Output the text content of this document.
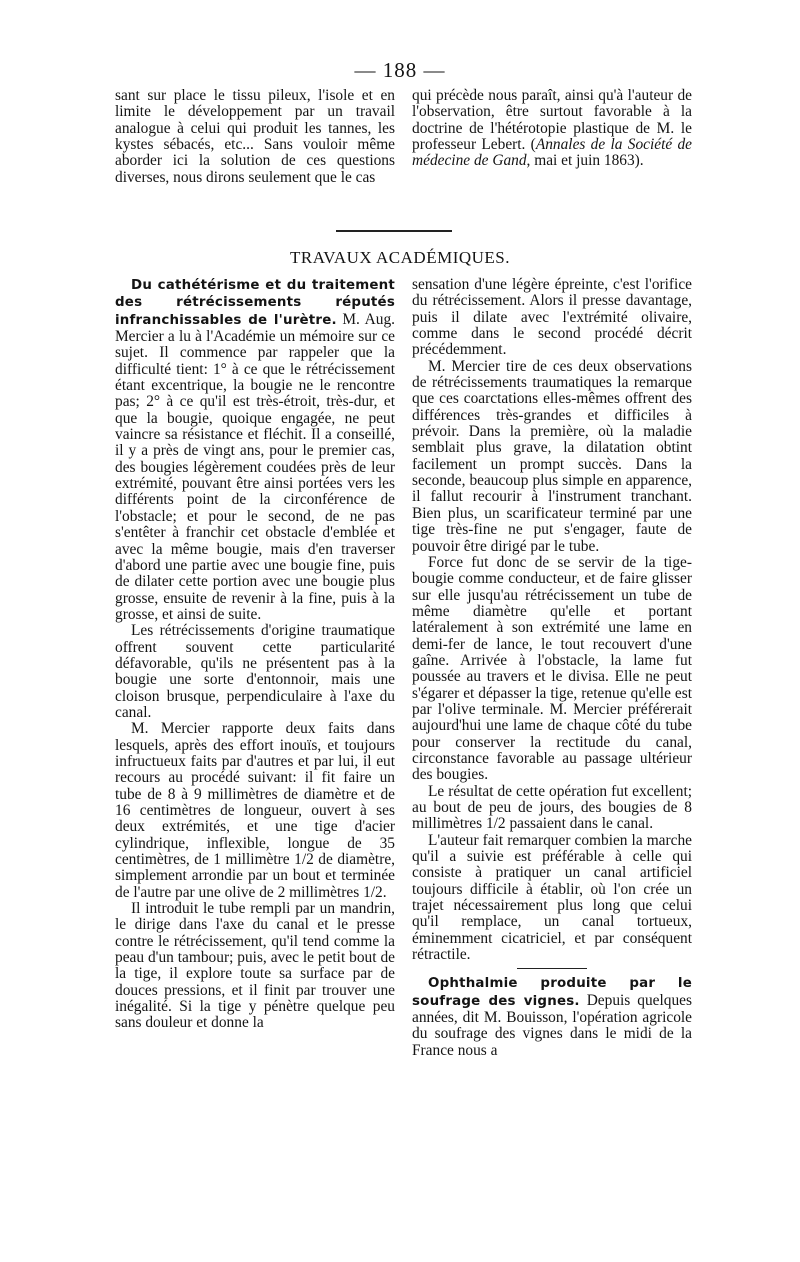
— 188 —

sant sur place le tissu pileux, l'isole et en limite le développement par un travail analogue à celui qui produit les tannes, les kystes sébacés, etc... Sans vouloir même aborder ici la solution de ces questions diverses, nous dirons seulement que le cas

qui précède nous paraît, ainsi qu'à l'auteur de l'observation, être surtout favorable à la doctrine de l'hétérotopie plastique de M. le professeur Lebert. (Annales de la Société de médecine de Gand, mai et juin 1863).

TRAVAUX ACADÉMIQUES.

Du cathétérisme et du traitement des rétrécissements réputés infranchissables de l'urètre. M. Aug. Mercier a lu à l'Académie un mémoire sur ce sujet. Il commence par rappeler que la difficulté tient: 1° à ce que le rétrécissement étant excentrique, la bougie ne le rencontre pas; 2° à ce qu'il est très-étroit, très-dur, et que la bougie, quoique engagée, ne peut vaincre sa résistance et fléchit. Il a conseillé, il y a près de vingt ans, pour le premier cas, des bougies légèrement coudées près de leur extrémité, pouvant être ainsi portées vers les différents point de la circonférence de l'obstacle; et pour le second, de ne pas s'entêter à franchir cet obstacle d'emblée et avec la même bougie, mais d'en traverser d'abord une partie avec une bougie fine, puis de dilater cette portion avec une bougie plus grosse, ensuite de revenir à la fine, puis à la grosse, et ainsi de suite.

Les rétrécissements d'origine traumatique offrent souvent cette particularité défavorable, qu'ils ne présentent pas à la bougie une sorte d'entonnoir, mais une cloison brusque, perpendiculaire à l'axe du canal.

M. Mercier rapporte deux faits dans lesquels, après des effort inouïs, et toujours infructueux faits par d'autres et par lui, il eut recours au procédé suivant: il fit faire un tube de 8 à 9 millimètres de diamètre et de 16 centimètres de longueur, ouvert à ses deux extrémités, et une tige d'acier cylindrique, inflexible, longue de 35 centimètres, de 1 millimètre 1/2 de diamètre, simplement arrondie par un bout et terminée de l'autre par une olive de 2 millimètres 1/2.

Il introduit le tube rempli par un mandrin, le dirige dans l'axe du canal et le presse contre le rétrécissement, qu'il tend comme la peau d'un tambour; puis, avec le petit bout de la tige, il explore toute sa surface par de douces pressions, et il finit par trouver une inégalité. Si la tige y pénètre quelque peu sans douleur et donne la

sensation d'une légère épreinte, c'est l'orifice du rétrécissement. Alors il presse davantage, puis il dilate avec l'extrémité olivaire, comme dans le second procédé décrit précédemment.

M. Mercier tire de ces deux observations de rétrécissements traumatiques la remarque que ces coarctations elles-mêmes offrent des différences très-grandes et difficiles à prévoir. Dans la première, où la maladie semblait plus grave, la dilatation obtint facilement un prompt succès. Dans la seconde, beaucoup plus simple en apparence, il fallut recourir à l'instrument tranchant. Bien plus, un scarificateur terminé par une tige très-fine ne put s'engager, faute de pouvoir être dirigé par le tube.

Force fut donc de se servir de la tige-bougie comme conducteur, et de faire glisser sur elle jusqu'au rétrécissement un tube de même diamètre qu'elle et portant latéralement à son extrémité une lame en demi-fer de lance, le tout recouvert d'une gaîne. Arrivée à l'obstacle, la lame fut poussée au travers et le divisa. Elle ne peut s'égarer et dépasser la tige, retenue qu'elle est par l'olive terminale. M. Mercier préférerait aujourd'hui une lame de chaque côté du tube pour conserver la rectitude du canal, circonstance favorable au passage ultérieur des bougies.

Le résultat de cette opération fut excellent; au bout de peu de jours, des bougies de 8 millimètres 1/2 passaient dans le canal.

L'auteur fait remarquer combien la marche qu'il a suivie est préférable à celle qui consiste à pratiquer un canal artificiel toujours difficile à établir, où l'on crée un trajet nécessairement plus long que celui qu'il remplace, un canal tortueux, éminemment cicatriciel, et par conséquent rétractile.

Ophthalmie produite par le soufrage des vignes. Depuis quelques années, dit M. Bouisson, l'opération agricole du soufrage des vignes dans le midi de la France nous a
